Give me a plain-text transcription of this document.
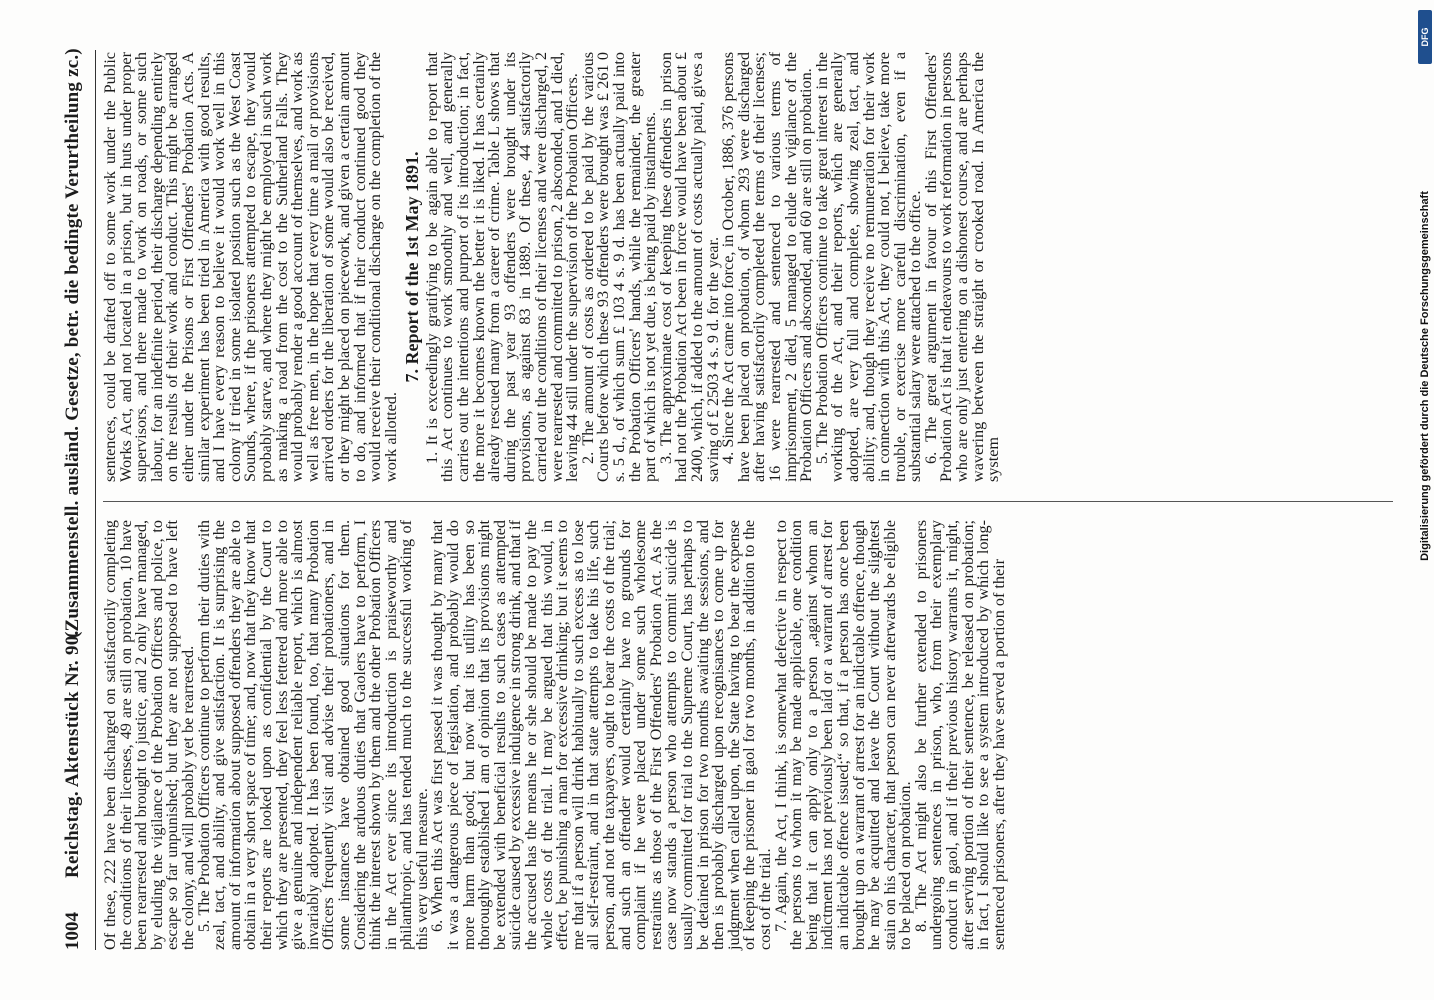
1004
Reichstag. Aktenstück Nr. 90.
(Zusammenstell. ausländ. Gesetze, betr. die bedingte Verurtheilung zc.)

Of these, 222 have been discharged on satisfactorily completing the conditions of their licenses, 49 are still on probation, 10 have been rearrested and brought to justice, and 2 only have managed, by eluding the vigilance of the Probation Officers and police, to escape so far unpunished; but they are not supposed to have left the colony, and will probably yet be rearrested.

5. The Probation Officers continue to perform their duties with zeal, tact, and ability, and give satisfaction. It is surprising the amount of information about supposed offenders they are able to obtain in a very short space of time; and, now that they know that their reports are looked upon as confidential by the Court to which they are presented, they feel less fettered and more able to give a genuine and independent reliable report, which is almost invariably adopted. It has been found, too, that many Probation Officers frequently visit and advise their probationers, and in some instances have obtained good situations for them. Considering the arduous duties that Gaolers have to perform, I think the interest shown by them and the other Probation Officers in the Act ever since its introduction is praiseworthy and philanthropic, and has tended much to the successful working of this very useful measure.

6. When this Act was first passed it was thought by many that it was a dangerous piece of legislation, and probably would do more harm than good; but now that its utility has been so thoroughly established I am of opinion that its provisions might be extended with beneficial results to such cases as attempted suicide caused by excessive indulgence in strong drink, and that if the accused has the means he or she should be made to pay the whole costs of the trial. It may be argued that this would, in effect, be punishing a man for excessive drinking; but it seems to me that if a person will drink habitually to such excess as to lose all self-restraint, and in that state attempts to take his life, such person, and not the taxpayers, ought to bear the costs of the trial; and such an offender would certainly have no grounds for complaint if he were placed under some such wholesome restraints as those of the First Offenders' Probation Act. As the case now stands a person who attempts to commit suicide is usually committed for trial to the Supreme Court, has perhaps to be detained in prison for two months awaiting the sessions, and then is probably discharged upon recognisances to come up for judgment when called upon, the State having to bear the expense of keeping the prisoner in gaol for two months, in addition to the cost of the trial.

7. Again, the Act, I think, is somewhat defective in respect to the persons to whom it may be made applicable, one condition being that it can apply only to a person „against whom an indictment has not previously been laid or a warrant of arrest for an indictable offence issued;“ so that, if a person has once been brought up on a warrant of arrest for an indictable offence, though he may be acquitted and leave the Court without the slightest stain on his character, that person can never afterwards be eligible to be placed on probation.

8. The Act might also be further extended to prisoners undergoing sentences in prison, who, from their exemplary conduct in gaol, and if their previous history warrants it, might, after serving portion of their sentence, be released on probation; in fact, I should like to see a system introduced by which long-sentenced prisoners, after they have served a portion of their

sentences, could be drafted off to some work under the Public Works Act, and not located in a prison, but in huts under proper supervisors, and there made to work on roads, or some such labour, for an indefinite period, their discharge depending entirely on the results of their work and conduct. This might be arranged either under the Prisons or First Offenders' Probation Acts. A similar experiment has been tried in America with good results, and I have every reason to believe it would work well in this colony if tried in some isolated position such as the West Coast Sounds, where, if the prisoners attempted to escape, they would probably starve, and where they might be employed in such work as making a road from the cost to the Sutherland Falls. They would probably render a good account of themselves, and work as well as free men, in the hope that every time a mail or provisions arrived orders for the liberation of some would also be received, or they might be placed on piecework, and given a certain amount to do, and informed that if their conduct continued good they would receive their conditional discharge on the completion of the work allotted.

7. Report of the 1st May 1891. 1. It is exceedingly gratifying to be again able to report that this Act continues to work smoothly and well, and generally carries out the intentions and purport of its introduction; in fact, the more it becomes known the better it is liked. It has certainly already rescued many from a career of crime. Table L shows that during the past year 93 offenders were brought under its provisions, as against 83 in 1889. Of these, 44 satisfactorily carried out the conditions of their licenses and were discharged, 2 were rearrested and committed to prison, 2 absconded, and 1 died, leaving 44 still under the supervision of the Probation Officers.

2. The amount of costs as ordered to be paid by the various Courts before which these 93 offenders were brought was £ 261 0 s. 5 d., of which sum £ 103 4 s. 9 d. has been actually paid into the Probation Officers' hands, while the remainder, the greater part of which is not yet due, is being paid by instalments.

3. The approximate cost of keeping these offenders in prison had not the Probation Act been in force would have been about £ 2400, which, if added to the amount of costs actually paid, gives a saving of £ 2503 4 s. 9 d. for the year.

4. Since the Act came into force, in October, 1886, 376 persons have been placed on probation, of whom 293 were discharged after having satisfactorily completed the terms of their licenses; 16 were rearrested and sentenced to various terms of imprisonment, 2 died, 5 managed to elude the vigilance of the Probation Officers and absconded, and 60 are still on probation.

5. The Probation Officers continue to take great interest in the working of the Act, and their reports, which are generally adopted, are very full and complete, showing zeal, tact, and ability; and, though they receive no remuneration for their work in connection with this Act, they could not, I believe, take more trouble, or exercise more careful discrimination, even if a substantial salary were attached to the office.

6. The great argument in favour of this First Offenders' Probation Act is that it endeavours to work reformation in persons who are only just entering on a dishonest course, and are perhaps wavering between the straight or crooked road. In America the system

DFG
Digitalisierung gefördert durch die Deutsche Forschungsgemeinschaft
